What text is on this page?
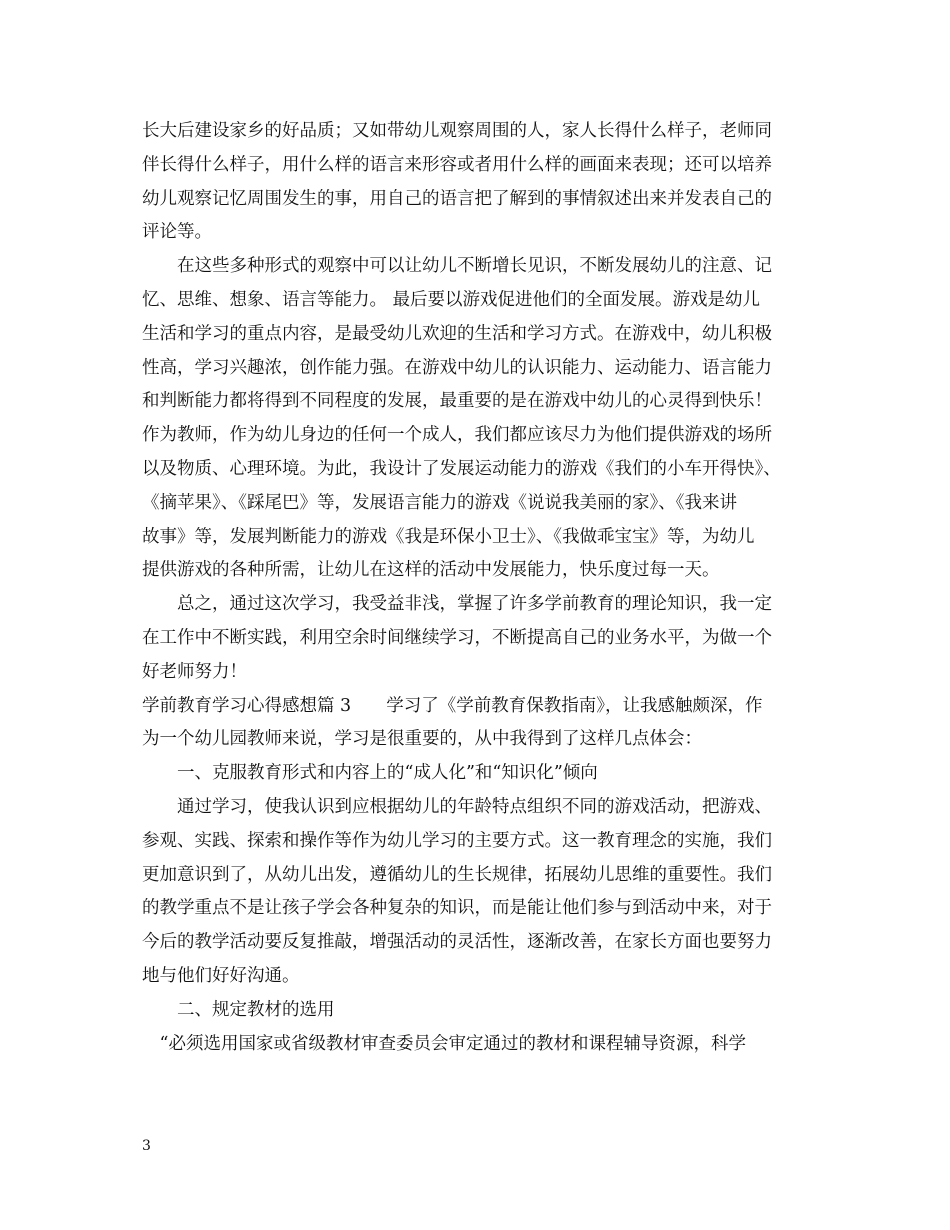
长大后建设家乡的好品质；又如带幼儿观察周围的人，家人长得什么样子，老师同
伴长得什么样子，用什么样的语言来形容或者用什么样的画面来表现；还可以培养
幼儿观察记忆周围发生的事，用自己的语言把了解到的事情叙述出来并发表自己的
评论等。
　　在这些多种形式的观察中可以让幼儿不断增长见识，不断发展幼儿的注意、记
忆、思维、想象、语言等能力。 最后要以游戏促进他们的全面发展。游戏是幼儿
生活和学习的重点内容，是最受幼儿欢迎的生活和学习方式。在游戏中，幼儿积极
性高，学习兴趣浓，创作能力强。在游戏中幼儿的认识能力、运动能力、语言能力
和判断能力都将得到不同程度的发展，最重要的是在游戏中幼儿的心灵得到快乐！
作为教师，作为幼儿身边的任何一个成人，我们都应该尽力为他们提供游戏的场所
以及物质、心理环境。为此，我设计了发展运动能力的游戏《我们的小车开得快》、
《摘苹果》、《踩尾巴》等，发展语言能力的游戏《说说我美丽的家》、《我来讲
故事》等，发展判断能力的游戏《我是环保小卫士》、《我做乖宝宝》等，为幼儿
提供游戏的各种所需，让幼儿在这样的活动中发展能力，快乐度过每一天。
　　总之，通过这次学习，我受益非浅，掌握了许多学前教育的理论知识，我一定
在工作中不断实践，利用空余时间继续学习，不断提高自己的业务水平，为做一个
好老师努力！
学前教育学习心得感想篇 3　　学习了《学前教育保教指南》，让我感触颇深，作
为一个幼儿园教师来说，学习是很重要的，从中我得到了这样几点体会：
　　一、克服教育形式和内容上的“成人化”和“知识化”倾向
　　通过学习，使我认识到应根据幼儿的年龄特点组织不同的游戏活动，把游戏、
参观、实践、探索和操作等作为幼儿学习的主要方式。这一教育理念的实施，我们
更加意识到了，从幼儿出发，遵循幼儿的生长规律，拓展幼儿思维的重要性。我们
的教学重点不是让孩子学会各种复杂的知识，而是能让他们参与到活动中来，对于
今后的教学活动要反复推敲，增强活动的灵活性，逐渐改善，在家长方面也要努力
地与他们好好沟通。
　　二、规定教材的选用
　“必须选用国家或省级教材审查委员会审定通过的教材和课程辅导资源，科学
3
